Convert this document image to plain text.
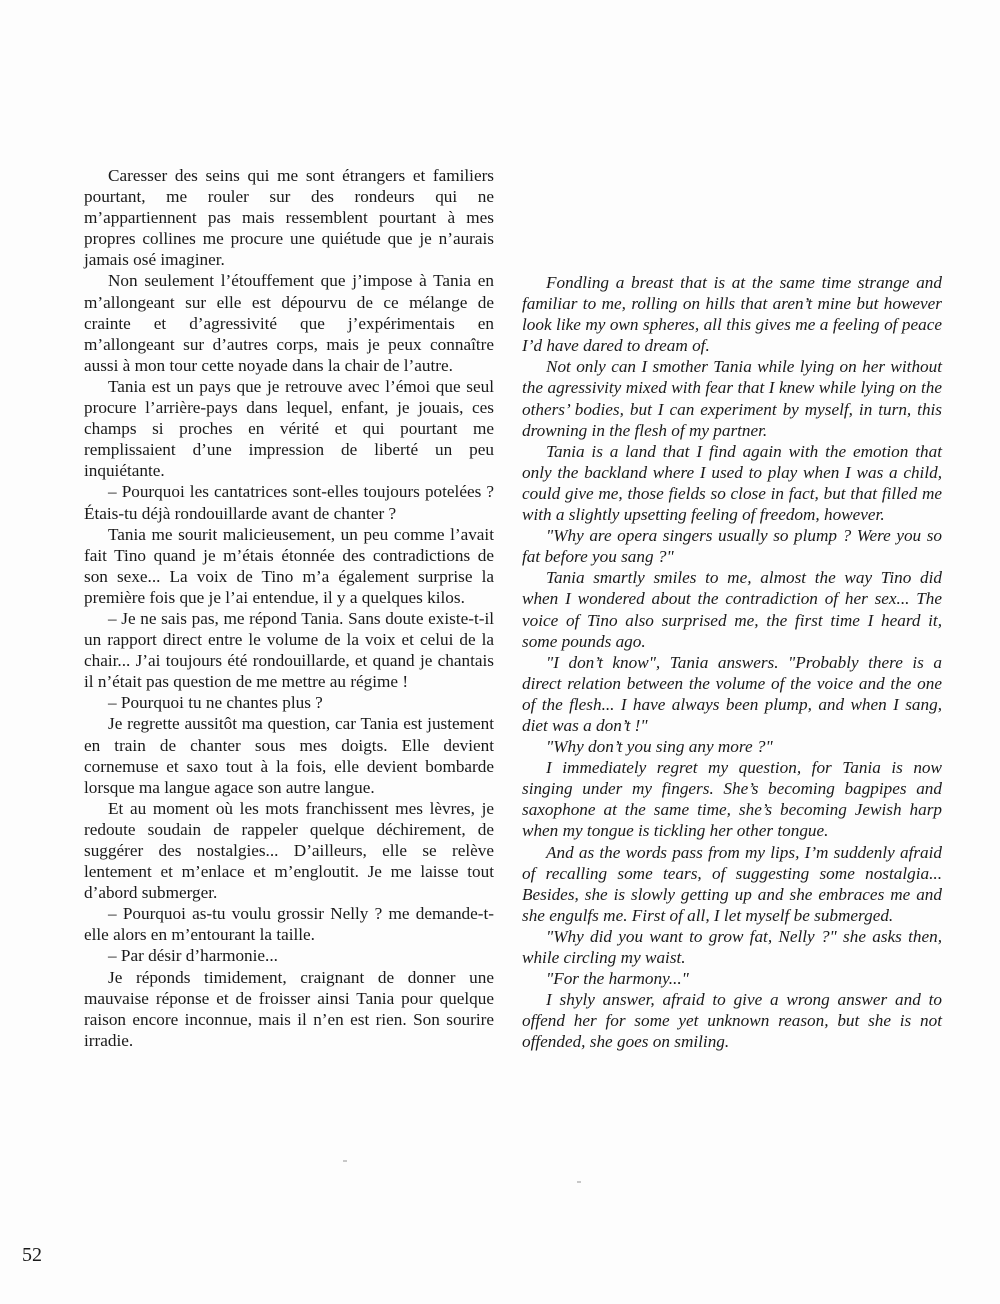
Caresser des seins qui me sont étrangers et familiers pourtant, me rouler sur des rondeurs qui ne m’appartiennent pas mais ressemblent pourtant à mes propres collines me procure une quiétude que je n’aurais jamais osé imaginer.

Non seulement l’étouffement que j’impose à Tania en m’allongeant sur elle est dépourvu de ce mélange de crainte et d’agressivité que j’expérimentais en m’allongeant sur d’autres corps, mais je peux connaître aussi à mon tour cette noyade dans la chair de l’autre.

Tania est un pays que je retrouve avec l’émoi que seul procure l’arrière-pays dans lequel, enfant, je jouais, ces champs si proches en vérité et qui pourtant me remplissaient d’une impression de liberté un peu inquiétante.

– Pourquoi les cantatrices sont-elles toujours potelées ? Étais-tu déjà rondouillarde avant de chanter ?

Tania me sourit malicieusement, un peu comme l’avait fait Tino quand je m’étais étonnée des contradictions de son sexe... La voix de Tino m’a également surprise la première fois que je l’ai entendue, il y a quelques kilos.

– Je ne sais pas, me répond Tania. Sans doute existe-t-il un rapport direct entre le volume de la voix et celui de la chair... J’ai toujours été rondouillarde, et quand je chantais il n’était pas question de me mettre au régime !

– Pourquoi tu ne chantes plus ?

Je regrette aussitôt ma question, car Tania est justement en train de chanter sous mes doigts. Elle devient cornemuse et saxo tout à la fois, elle devient bombarde lorsque ma langue agace son autre langue.

Et au moment où les mots franchissent mes lèvres, je redoute soudain de rappeler quelque déchirement, de suggérer des nostalgies... D’ailleurs, elle se relève lentement et m’enlace et m’engloutit. Je me laisse tout d’abord submerger.

– Pourquoi as-tu voulu grossir Nelly ? me demande-t-elle alors en m’entourant la taille.

– Par désir d’harmonie...

Je réponds timidement, craignant de donner une mauvaise réponse et de froisser ainsi Tania pour quelque raison encore inconnue, mais il n’en est rien. Son sourire irradie.

Fondling a breast that is at the same time strange and familiar to me, rolling on hills that aren’t mine but however look like my own spheres, all this gives me a feeling of peace I’d have dared to dream of.

Not only can I smother Tania while lying on her without the agressivity mixed with fear that I knew while lying on the others’ bodies, but I can experiment by myself, in turn, this drowning in the flesh of my partner.

Tania is a land that I find again with the emotion that only the backland where I used to play when I was a child, could give me, those fields so close in fact, but that filled me with a slightly upsetting feeling of freedom, however.

"Why are opera singers usually so plump ? Were you so fat before you sang ?"

Tania smartly smiles to me, almost the way Tino did when I wondered about the contradiction of her sex... The voice of Tino also surprised me, the first time I heard it, some pounds ago.

"I don’t know", Tania answers. "Probably there is a direct relation between the volume of the voice and the one of the flesh... I have always been plump, and when I sang, diet was a don’t !"

"Why don’t you sing any more ?"

I immediately regret my question, for Tania is now singing under my fingers. She’s becoming bagpipes and saxophone at the same time, she’s becoming Jewish harp when my tongue is tickling her other tongue.

And as the words pass from my lips, I’m suddenly afraid of recalling some tears, of suggesting some nostalgia... Besides, she is slowly getting up and she embraces me and she engulfs me. First of all, I let myself be submerged.

"Why did you want to grow fat, Nelly ?" she asks then, while circling my waist.

"For the harmony..."

I shyly answer, afraid to give a wrong answer and to offend her for some yet unknown reason, but she is not offended, she goes on smiling.

52
